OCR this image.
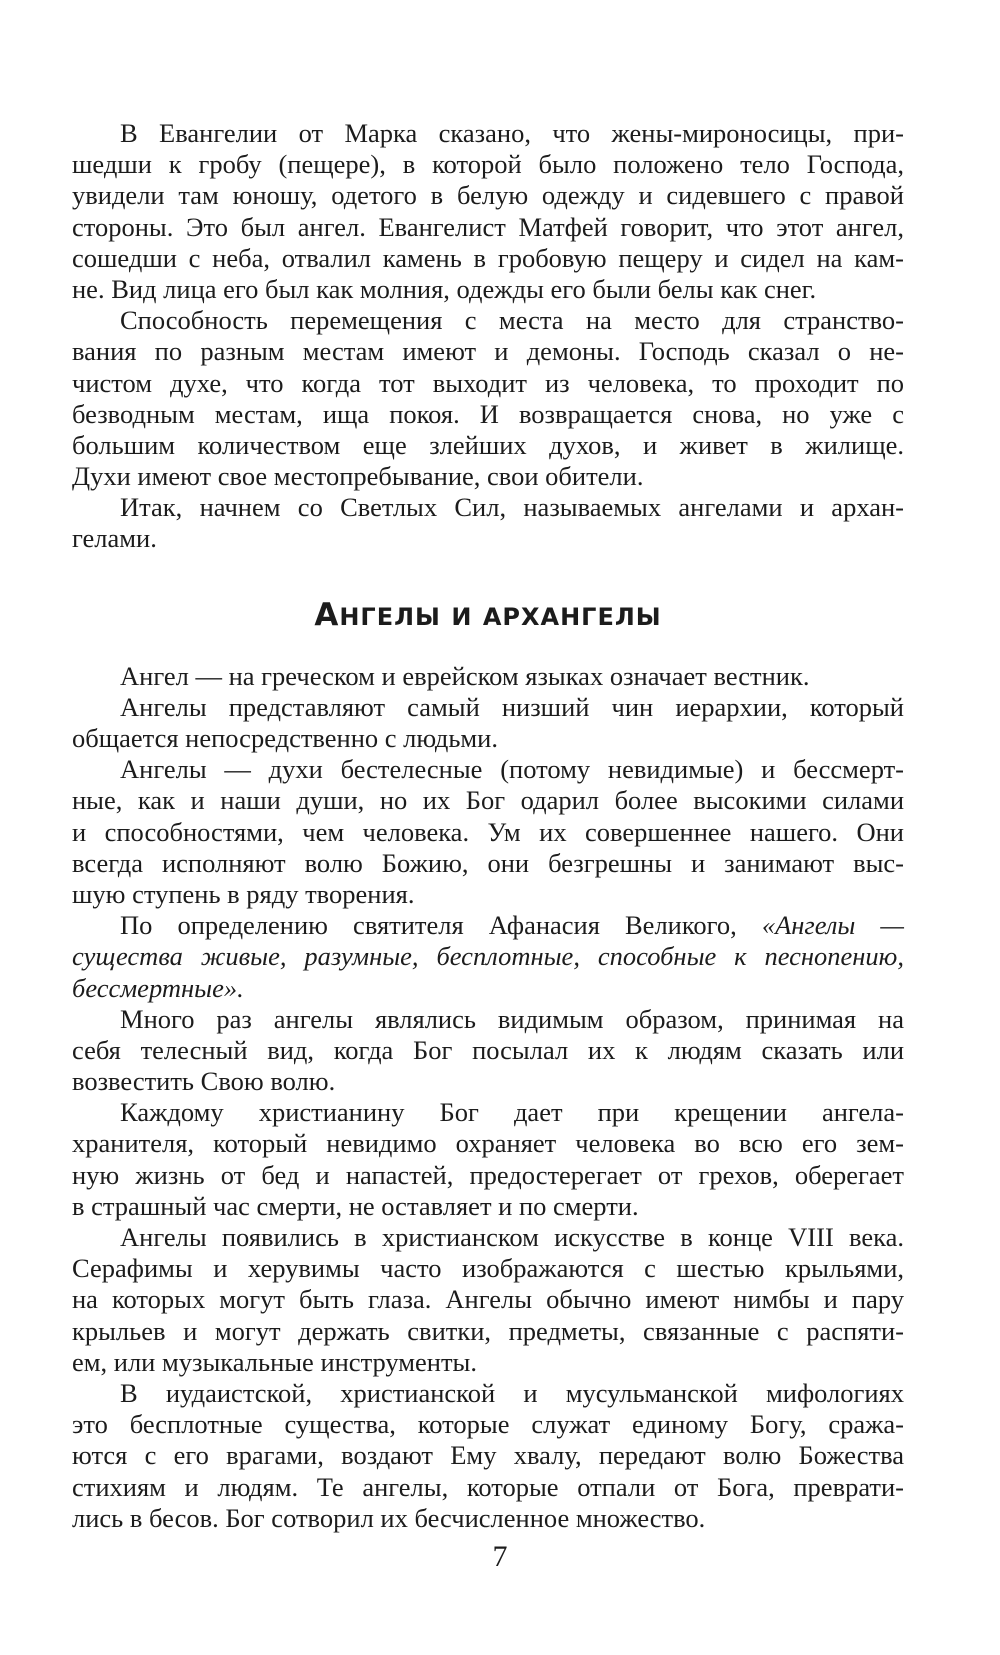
В Евангелии от Марка сказано, что жены-мироносицы, при-
шедши к гробу (пещере), в которой было положено тело Господа,
увидели там юношу, одетого в белую одежду и сидевшего с правой
стороны. Это был ангел. Евангелист Матфей говорит, что этот ангел,
сошедши с неба, отвалил камень в гробовую пещеру и сидел на кам-
не. Вид лица его был как молния, одежды его были белы как снег.
Способность перемещения с места на место для странство-
вания по разным местам имеют и демоны. Господь сказал о не-
чистом духе, что когда тот выходит из человека, то проходит по
безводным местам, ища покоя. И возвращается снова, но уже с
большим количеством еще злейших духов, и живет в жилище.
Духи имеют свое местопребывание, свои обители.
Итак, начнем со Светлых Сил, называемых ангелами и архан-
гелами.
АНГЕЛЫ И АРХАНГЕЛЫ
Ангел — на греческом и еврейском языках означает вестник.
Ангелы представляют самый низший чин иерархии, который
общается непосредственно с людьми.
Ангелы — духи бестелесные (потому невидимые) и бессмерт-
ные, как и наши души, но их Бог одарил более высокими силами
и способностями, чем человека. Ум их совершеннее нашего. Они
всегда исполняют волю Божию, они безгрешны и занимают выс-
шую ступень в ряду творения.
По определению святителя Афанасия Великого, «Ангелы —
существа живые, разумные, бесплотные, способные к песнопению,
бессмертные».
Много раз ангелы являлись видимым образом, принимая на
себя телесный вид, когда Бог посылал их к людям сказать или
возвестить Свою волю.
Каждому христианину Бог дает при крещении ангела-
хранителя, который невидимо охраняет человека во всю его зем-
ную жизнь от бед и напастей, предостерегает от грехов, оберегает
в страшный час смерти, не оставляет и по смерти.
Ангелы появились в христианском искусстве в конце VIII века.
Серафимы и херувимы часто изображаются с шестью крыльями,
на которых могут быть глаза. Ангелы обычно имеют нимбы и пару
крыльев и могут держать свитки, предметы, связанные с распяти-
ем, или музыкальные инструменты.
В иудаистской, христианской и мусульманской мифологиях
это бесплотные существа, которые служат единому Богу, сража-
ются с его врагами, воздают Ему хвалу, передают волю Божества
стихиям и людям. Те ангелы, которые отпали от Бога, преврати-
лись в бесов. Бог сотворил их бесчисленное множество.
7
